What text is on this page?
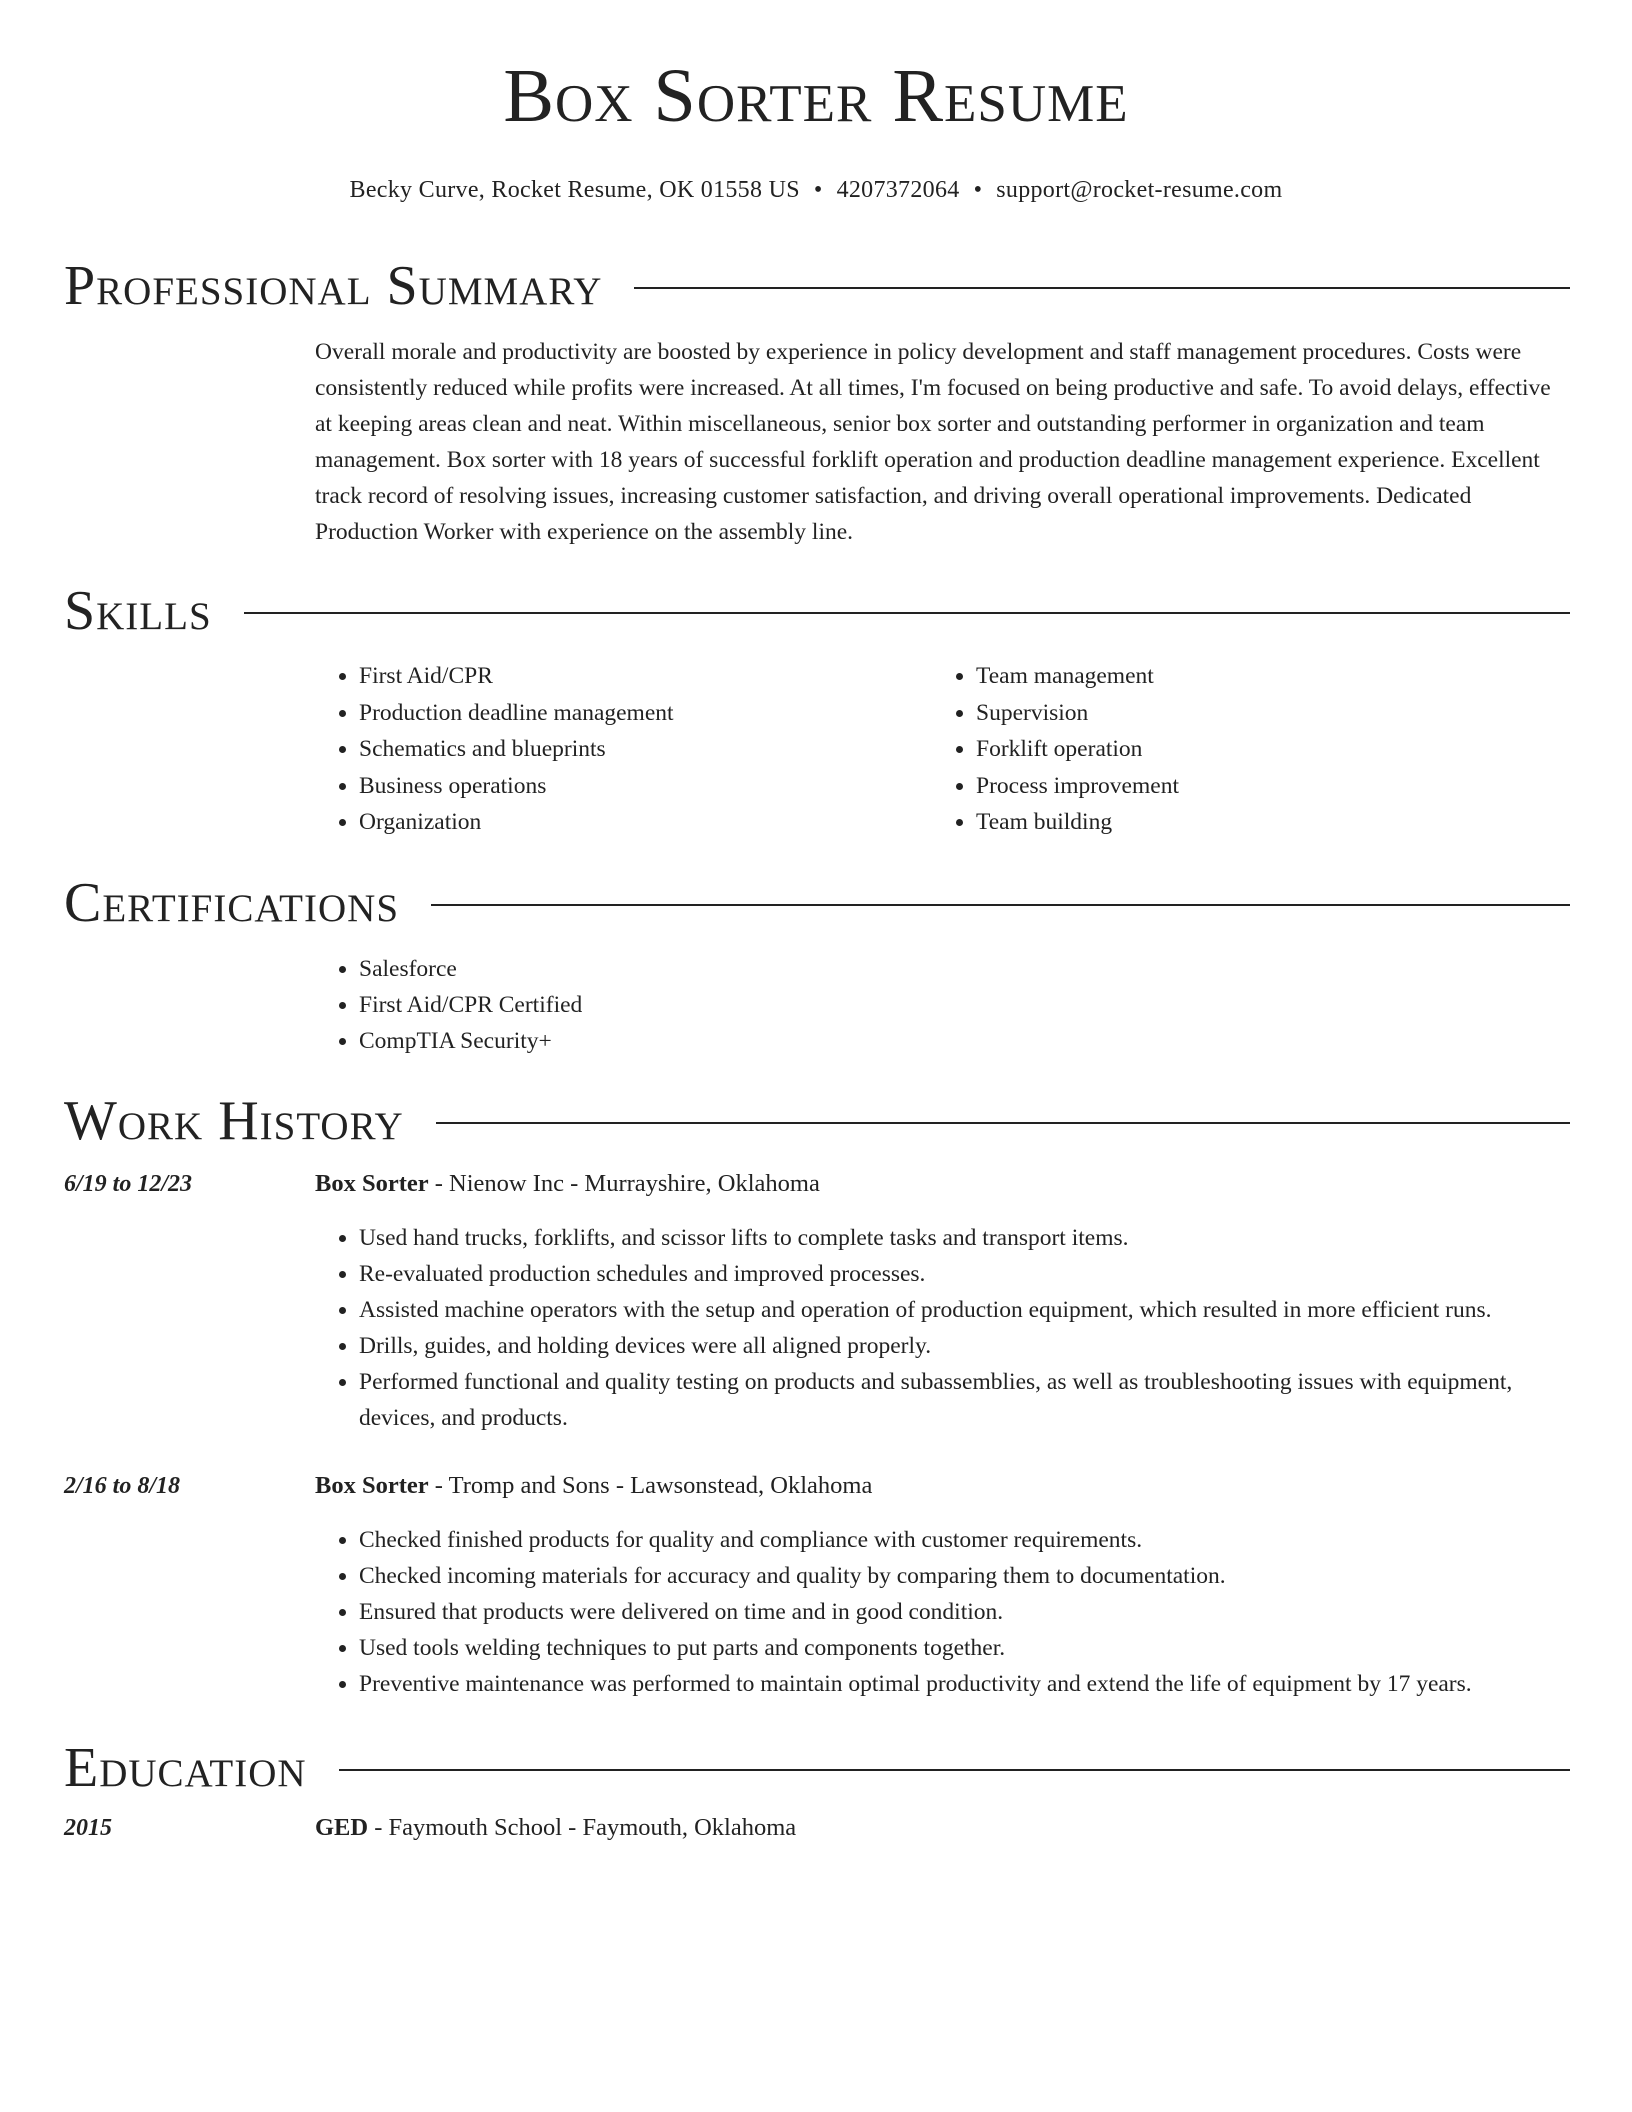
Box Sorter Resume
Becky Curve, Rocket Resume, OK 01558 US • 4207372064 • support@rocket-resume.com
Professional Summary
Overall morale and productivity are boosted by experience in policy development and staff management procedures. Costs were consistently reduced while profits were increased. At all times, I'm focused on being productive and safe. To avoid delays, effective at keeping areas clean and neat. Within miscellaneous, senior box sorter and outstanding performer in organization and team management. Box sorter with 18 years of successful forklift operation and production deadline management experience. Excellent track record of resolving issues, increasing customer satisfaction, and driving overall operational improvements. Dedicated Production Worker with experience on the assembly line.
Skills
• First Aid/CPR
• Production deadline management
• Schematics and blueprints
• Business operations
• Organization
• Team management
• Supervision
• Forklift operation
• Process improvement
• Team building
Certifications
• Salesforce
• First Aid/CPR Certified
• CompTIA Security+
Work History
6/19 to 12/23	Box Sorter - Nienow Inc - Murrayshire, Oklahoma
• Used hand trucks, forklifts, and scissor lifts to complete tasks and transport items.
• Re-evaluated production schedules and improved processes.
• Assisted machine operators with the setup and operation of production equipment, which resulted in more efficient runs.
• Drills, guides, and holding devices were all aligned properly.
• Performed functional and quality testing on products and subassemblies, as well as troubleshooting issues with equipment, devices, and products.
2/16 to 8/18	Box Sorter - Tromp and Sons - Lawsonstead, Oklahoma
• Checked finished products for quality and compliance with customer requirements.
• Checked incoming materials for accuracy and quality by comparing them to documentation.
• Ensured that products were delivered on time and in good condition.
• Used tools welding techniques to put parts and components together.
• Preventive maintenance was performed to maintain optimal productivity and extend the life of equipment by 17 years.
Education
2015	GED - Faymouth School - Faymouth, Oklahoma
